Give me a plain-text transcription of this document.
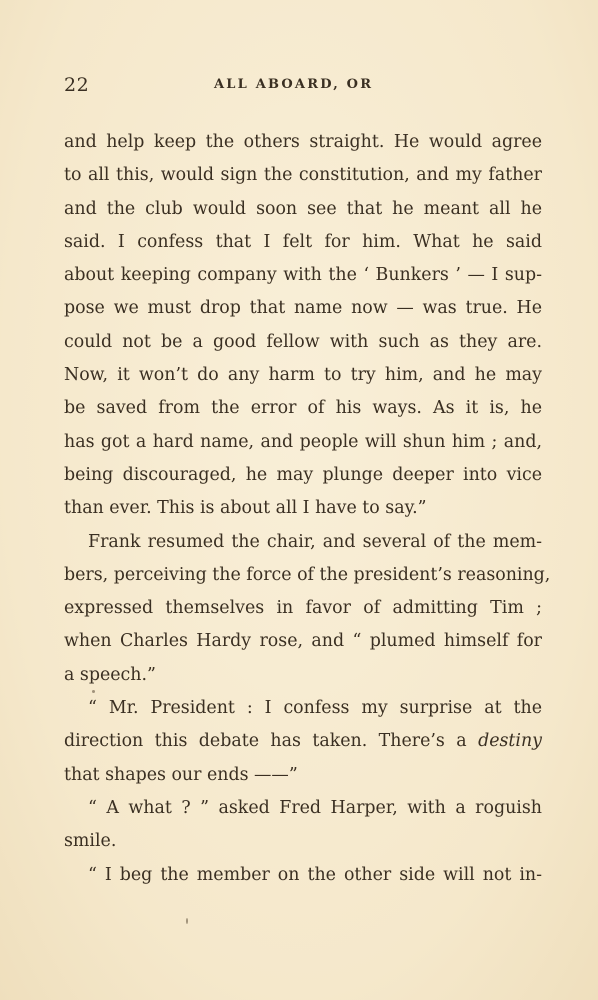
22	ALL ABOARD, OR
and help keep the others straight. He would agree
to all this, would sign the constitution, and my father
and the club would soon see that he meant all he
said. I confess that I felt for him. What he said
about keeping company with the ‘ Bunkers ’ — I sup-
pose we must drop that name now — was true. He
could not be a good fellow with such as they are.
Now, it won’t do any harm to try him, and he may
be saved from the error of his ways. As it is, he
has got a hard name, and people will shun him ; and,
being discouraged, he may plunge deeper into vice
than ever. This is about all I have to say.”
Frank resumed the chair, and several of the mem-
bers, perceiving the force of the president’s reasoning,
expressed themselves in favor of admitting Tim ;
when Charles Hardy rose, and “ plumed himself for
a speech.”
“ Mr. President : I confess my surprise at the
direction this debate has taken. There’s a destiny
that shapes our ends ——”
“ A what ? ” asked Fred Harper, with a roguish
smile.
“ I beg the member on the other side will not in-
